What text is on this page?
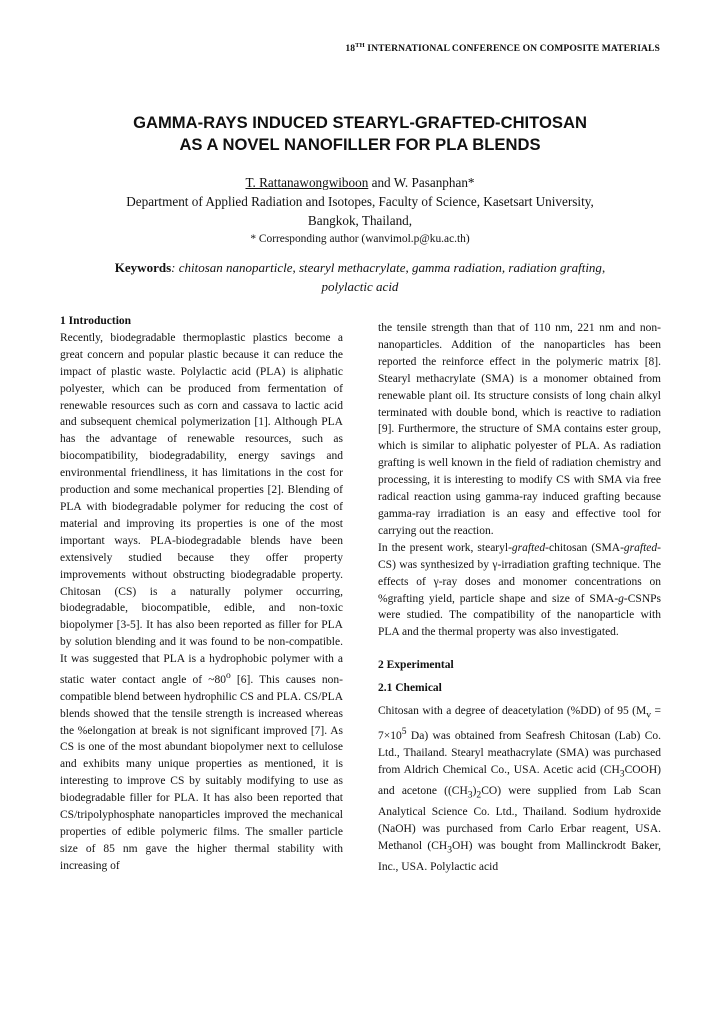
18TH INTERNATIONAL CONFERENCE ON COMPOSITE MATERIALS
GAMMA-RAYS INDUCED STEARYL-GRAFTED-CHITOSAN
AS A NOVEL NANOFILLER FOR PLA BLENDS
T. Rattanawongwiboon and W. Pasanphan*
Department of Applied Radiation and Isotopes, Faculty of Science, Kasetsart University,
Bangkok, Thailand,
* Corresponding author (wanvimol.p@ku.ac.th)
Keywords: chitosan nanoparticle, stearyl methacrylate, gamma radiation, radiation grafting,
polylactic acid

1 Introduction

Recently, biodegradable thermoplastic plastics become a great concern and popular plastic because it can reduce the impact of plastic waste. Polylactic acid (PLA) is aliphatic polyester, which can be produced from fermentation of renewable resources such as corn and cassava to lactic acid and subsequent chemical polymerization [1]. Although PLA has the advantage of renewable resources, such as biocompatibility, biodegradability, energy savings and environmental friendliness, it has limitations in the cost for production and some mechanical properties [2]. Blending of PLA with biodegradable polymer for reducing the cost of material and improving its properties is one of the most important ways. PLA-biodegradable blends have been extensively studied because they offer property improvements without obstructing biodegradable property. Chitosan (CS) is a naturally polymer occurring, biodegradable, biocompatible, edible, and non-toxic biopolymer [3-5]. It has also been reported as filler for PLA by solution blending and it was found to be non-compatible. It was suggested that PLA is a hydrophobic polymer with a static water contact angle of ~80$^o$ [6]. This causes non-compatible blend between hydrophilic CS and PLA. CS/PLA blends showed that the tensile strength is increased whereas the %elongation at break is not significant improved [7]. As CS is one of the most abundant biopolymer next to cellulose and exhibits many unique properties as mentioned, it is interesting to improve CS by suitably modifying to use as biodegradable filler for PLA. It has also been reported that CS/tripolyphosphate nanoparticles improved the mechanical properties of edible polymeric films. The smaller particle size of 85 nm gave the higher thermal stability with increasing of

the tensile strength than that of 110 nm, 221 nm and non-nanoparticles. Addition of the nanoparticles has been reported the reinforce effect in the polymeric matrix [8]. Stearyl methacrylate (SMA) is a monomer obtained from renewable plant oil. Its structure consists of long chain alkyl terminated with double bond, which is reactive to radiation [9]. Furthermore, the structure of SMA contains ester group, which is similar to aliphatic polyester of PLA. As radiation grafting is well known in the field of radiation chemistry and processing, it is interesting to modify CS with SMA via free radical reaction using gamma-ray induced grafting because gamma-ray irradiation is an easy and effective tool for carrying out the reaction.

In the present work, stearyl-grafted-chitosan (SMA-grafted-CS) was synthesized by γ-irradiation grafting technique. The effects of γ-ray doses and monomer concentrations on %grafting yield, particle shape and size of SMA-g-CSNPs were studied. The compatibility of the nanoparticle with PLA and the thermal property was also investigated.

2 Experimental

2.1 Chemical

Chitosan with a degree of deacetylation (%DD) of 95 ($M_v = 7\times 10^5$ Da) was obtained from Seafresh Chitosan (Lab) Co. Ltd., Thailand. Stearyl meathacrylate (SMA) was purchased from Aldrich Chemical Co., USA. Acetic acid $(CH_3COOH)$ and acetone $((CH_3)_2CO)$ were supplied from Lab Scan Analytical Science Co. Ltd., Thailand. Sodium hydroxide (NaOH) was purchased from Carlo Erbar reagent, USA. Methanol $(CH_3OH)$ was bought from Mallinckrodt Baker, Inc., USA. Polylactic acid
